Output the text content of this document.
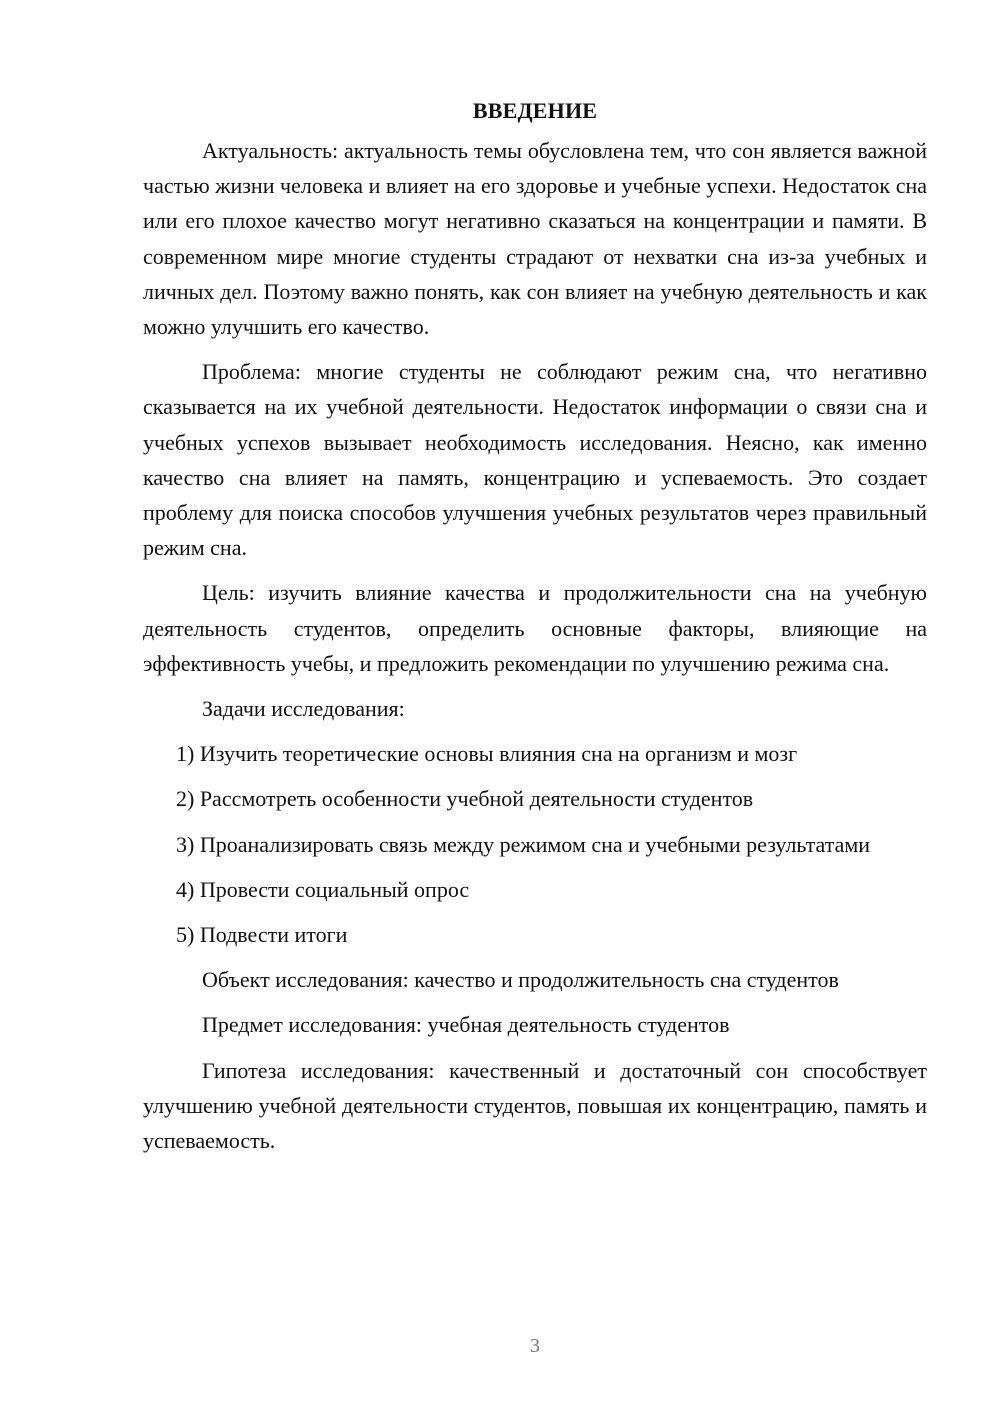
ВВЕДЕНИЕ

Актуальность: актуальность темы обусловлена тем, что сон является важной частью жизни человека и влияет на его здоровье и учебные успехи. Недостаток сна или его плохое качество могут негативно сказаться на концентрации и памяти. В современном мире многие студенты страдают от нехватки сна из-за учебных и личных дел. Поэтому важно понять, как сон влияет на учебную деятельность и как можно улучшить его качество.

Проблема: многие студенты не соблюдают режим сна, что негативно сказывается на их учебной деятельности. Недостаток информации о связи сна и учебных успехов вызывает необходимость исследования. Неясно, как именно качество сна влияет на память, концентрацию и успеваемость. Это создает проблему для поиска способов улучшения учебных результатов через правильный режим сна.

Цель: изучить влияние качества и продолжительности сна на учебную деятельность студентов, определить основные факторы, влияющие на эффективность учебы, и предложить рекомендации по улучшению режима сна.

Задачи исследования:

1) Изучить теоретические основы влияния сна на организм и мозг

2) Рассмотреть особенности учебной деятельности студентов

3) Проанализировать связь между режимом сна и учебными результатами

4) Провести социальный опрос

5) Подвести итоги

Объект исследования: качество и продолжительность сна студентов

Предмет исследования: учебная деятельность студентов

Гипотеза исследования: качественный и достаточный сон способствует улучшению учебной деятельности студентов, повышая их концентрацию, память и успеваемость.

3
